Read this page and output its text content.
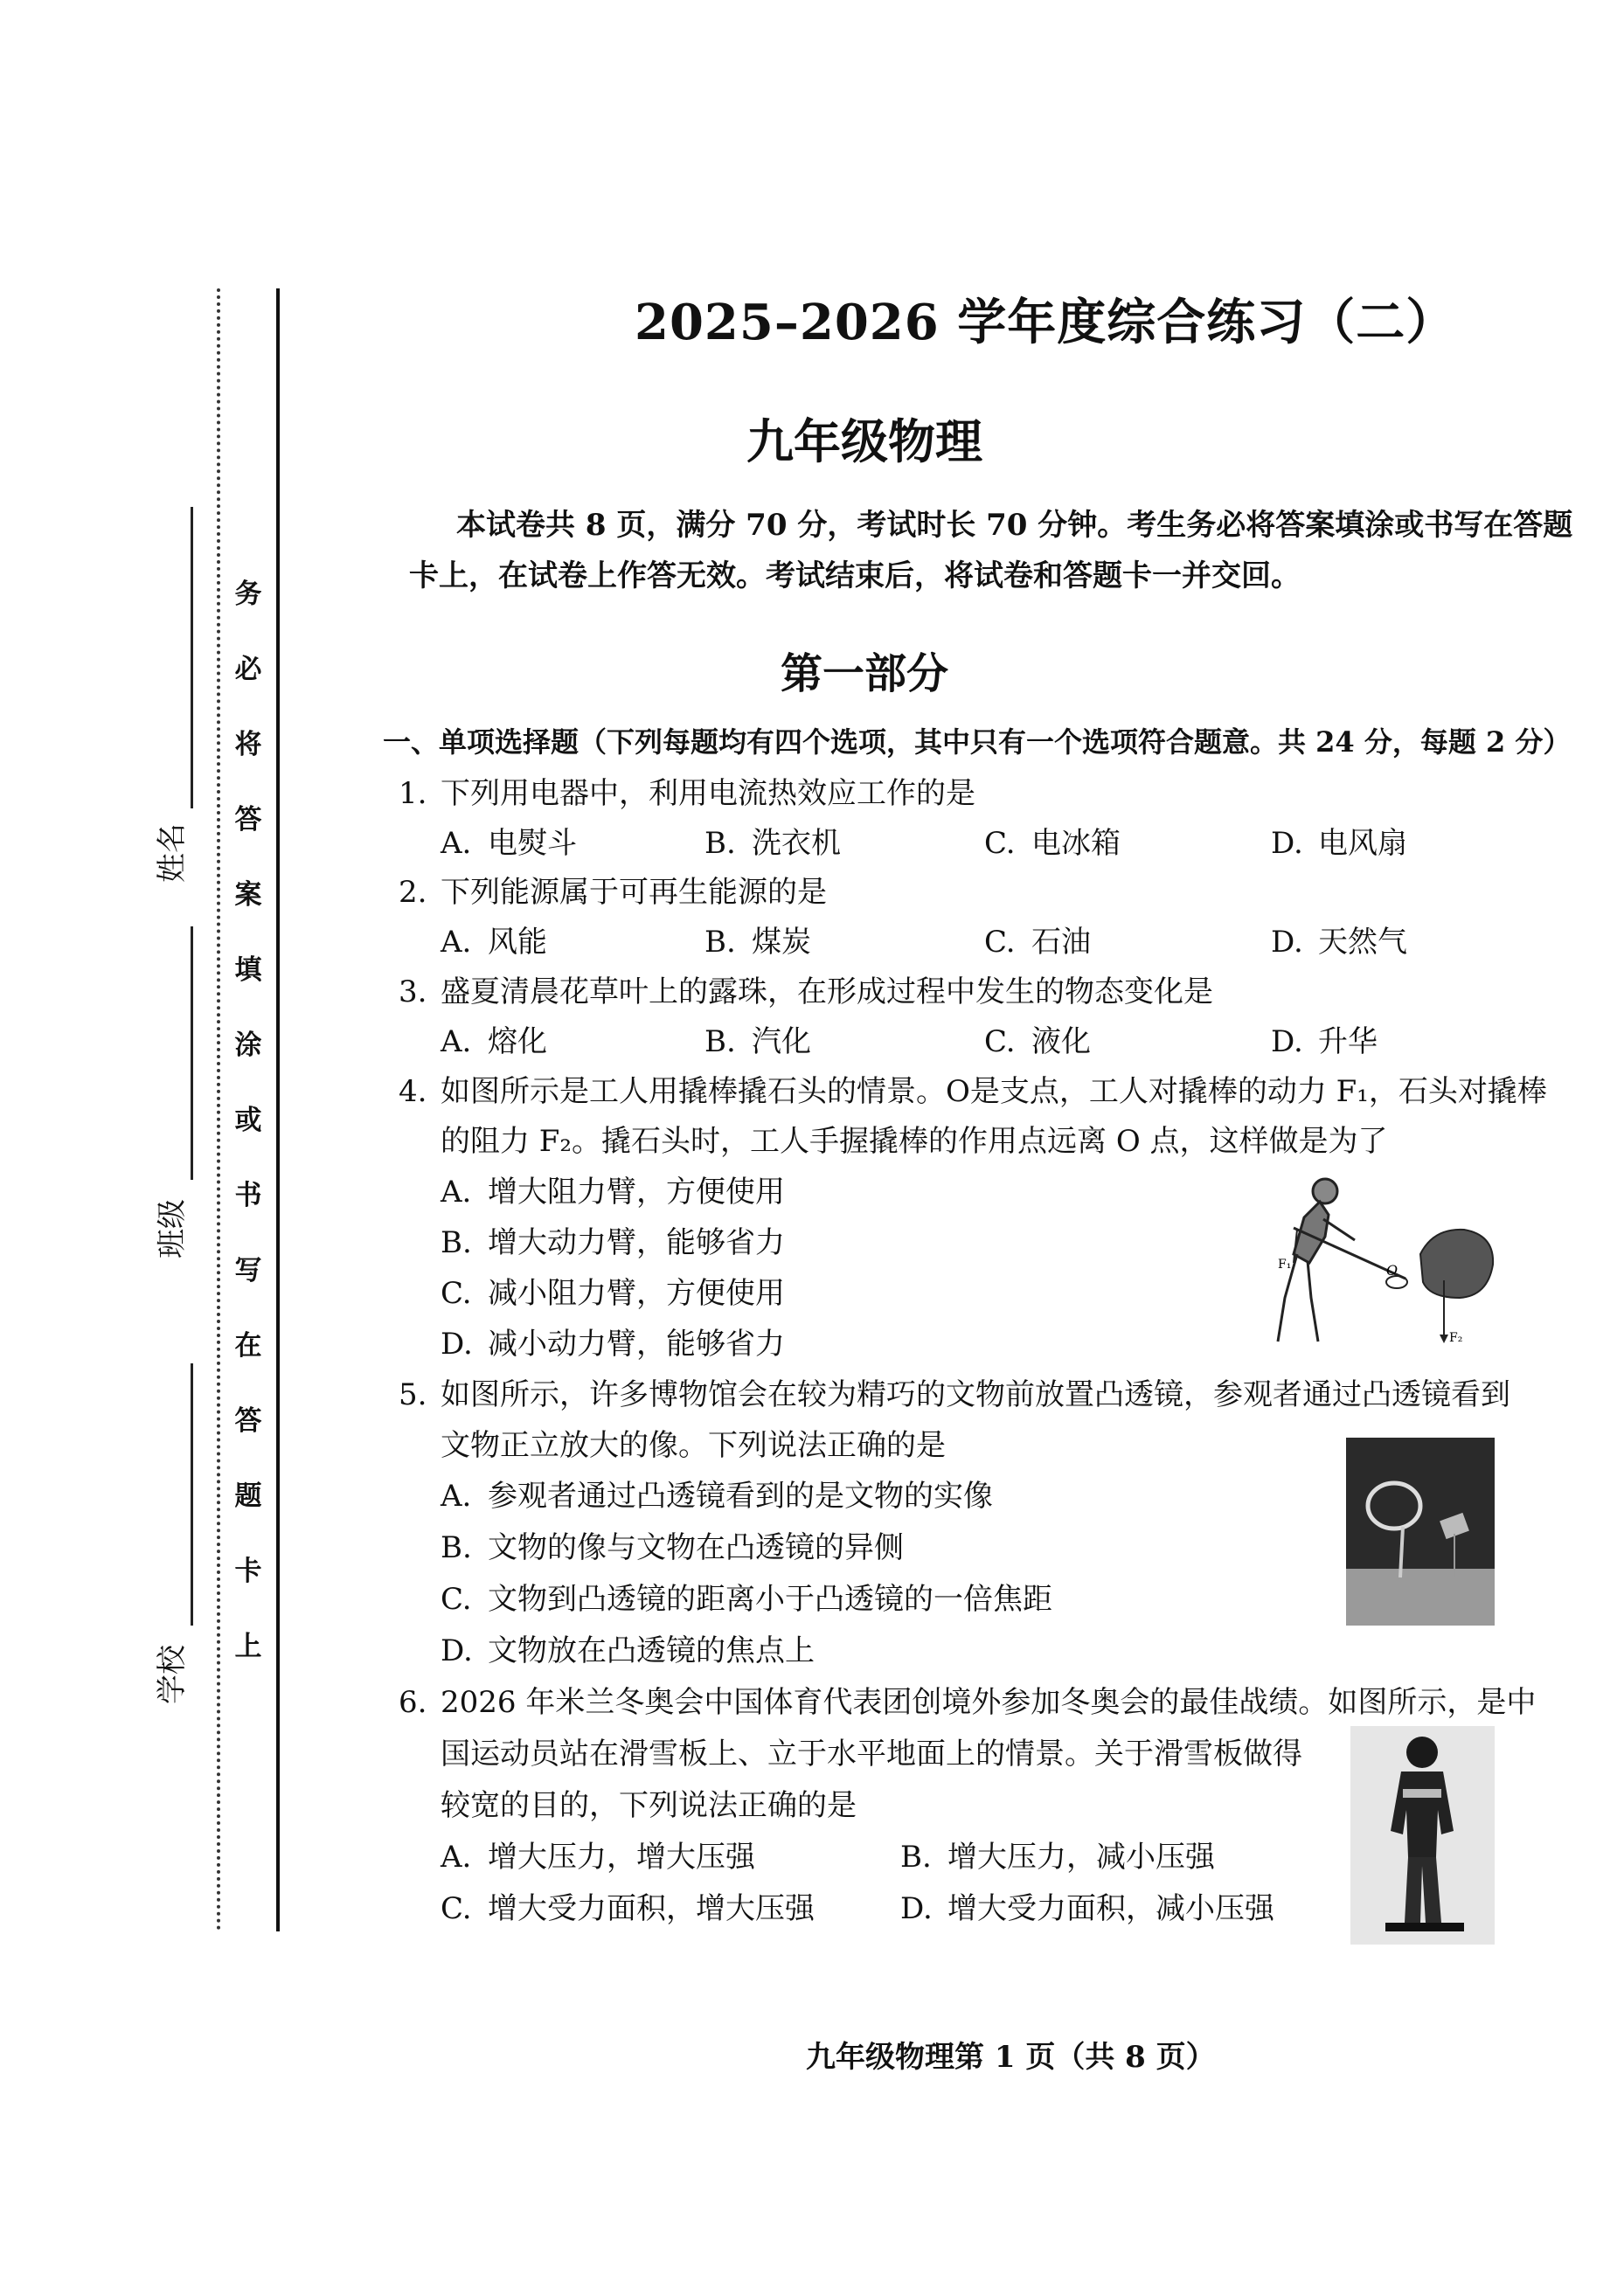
务
必
将
答
案
填
涂
或
书
写
在
答
题
卡
上
姓名
班级
学校
2025–2026 学年度综合练习（二）
九年级物理

本试卷共 8 页，满分 70 分，考试时长 70 分钟。考生务必将答案填涂或书写在答题

卡上，在试卷上作答无效。考试结束后，将试卷和答题卡一并交回。

第一部分
一、单项选择题（下列每题均有四个选项，其中只有一个选项符合题意。共 24 分，每题 2 分）
1. 下列用电器中，利用电流热效应工作的是
A. 电熨斗	B. 洗衣机	C. 电冰箱	D. 电风扇
2. 下列能源属于可再生能源的是
A. 风能	B. 煤炭	C. 石油	D. 天然气
3. 盛夏清晨花草叶上的露珠，在形成过程中发生的物态变化是
A. 熔化	B. 汽化	C. 液化	D. 升华
4. 如图所示是工人用撬棒撬石头的情景。O是支点，工人对撬棒的动力 F₁，石头对撬棒
的阻力 F₂。撬石头时，工人手握撬棒的作用点远离 O 点，这样做是为了
A. 增大阻力臂，方便使用
B. 增大动力臂，能够省力
C. 减小阻力臂，方便使用
D. 减小动力臂，能够省力
F₁	O
F₂
5. 如图所示，许多博物馆会在较为精巧的文物前放置凸透镜，参观者通过凸透镜看到
文物正立放大的像。下列说法正确的是
A. 参观者通过凸透镜看到的是文物的实像
B. 文物的像与文物在凸透镜的异侧
C. 文物到凸透镜的距离小于凸透镜的一倍焦距
D. 文物放在凸透镜的焦点上
6. 2026 年米兰冬奥会中国体育代表团创境外参加冬奥会的最佳战绩。如图所示，是中
国运动员站在滑雪板上、立于水平地面上的情景。关于滑雪板做得
较宽的目的，下列说法正确的是
A. 增大压力，增大压强	B. 增大压力，减小压强
C. 增大受力面积，增大压强	D. 增大受力面积，减小压强
九年级物理第 1 页（共 8 页）
